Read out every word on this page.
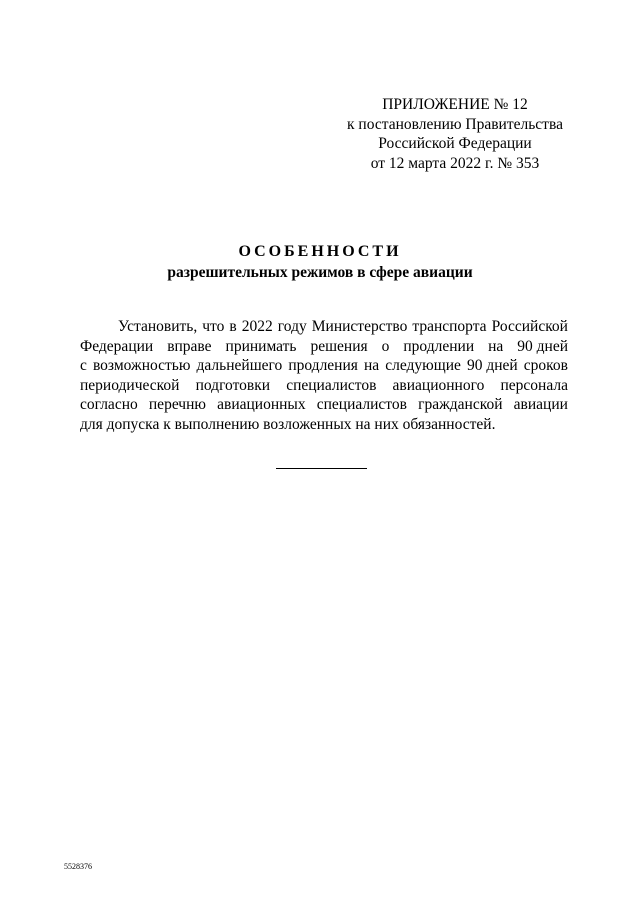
ПРИЛОЖЕНИЕ № 12
к постановлению Правительства
Российской Федерации
от 12 марта 2022 г. № 353
ОСОБЕННОСТИ
разрешительных режимов в сфере авиации
Установить, что в 2022 году Министерство транспорта Российской
Федерации вправе принимать решения о продлении на 90 дней
с возможностью дальнейшего продления на следующие 90 дней сроков
периодической подготовки специалистов авиационного персонала
согласно перечню авиационных специалистов гражданской авиации
для допуска к выполнению возложенных на них обязанностей.
5528376
